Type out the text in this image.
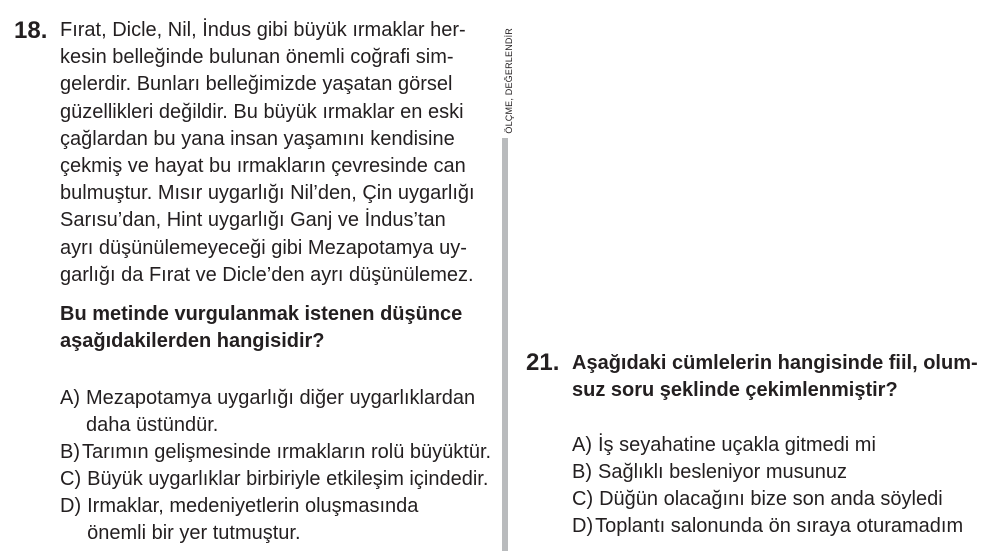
18. Fırat, Dicle, Nil, İndus gibi büyük ırmaklar her-
kesin belleğinde bulunan önemli coğrafi sim-
gelerdir. Bunları belleğimizde yaşatan görsel
güzellikleri değildir. Bu büyük ırmaklar en eski
çağlardan bu yana insan yaşamını kendisine
çekmiş ve hayat bu ırmakların çevresinde can
bulmuştur. Mısır uygarlığı Nil’den, Çin uygarlığı
Sarısu’dan, Hint uygarlığı Ganj ve İndus’tan
ayrı düşünülemeyeceği gibi Mezapotamya uy-
garlığı da Fırat ve Dicle’den ayrı düşünülemez.

Bu metinde vurgulanmak istenen düşünce
aşağıdakilerden hangisidir?

A) Mezapotamya uygarlığı diğer uygarlıklardan
daha üstündür.
B) Tarımın gelişmesinde ırmakların rolü büyüktür.
C) Büyük uygarlıklar birbiriyle etkileşim içindedir.
D) Irmaklar, medeniyetlerin oluşmasında
önemli bir yer tutmuştur.
ÖLÇME, DEĞERLENDİR
21. Aşağıdaki cümlelerin hangisinde fiil, olum-
suz soru şeklinde çekimlenmiştir?

A) İş seyahatine uçakla gitmedi mi
B) Sağlıklı besleniyor musunuz
C) Düğün olacağını bize son anda söyledi
D) Toplantı salonunda ön sıraya oturamadım
